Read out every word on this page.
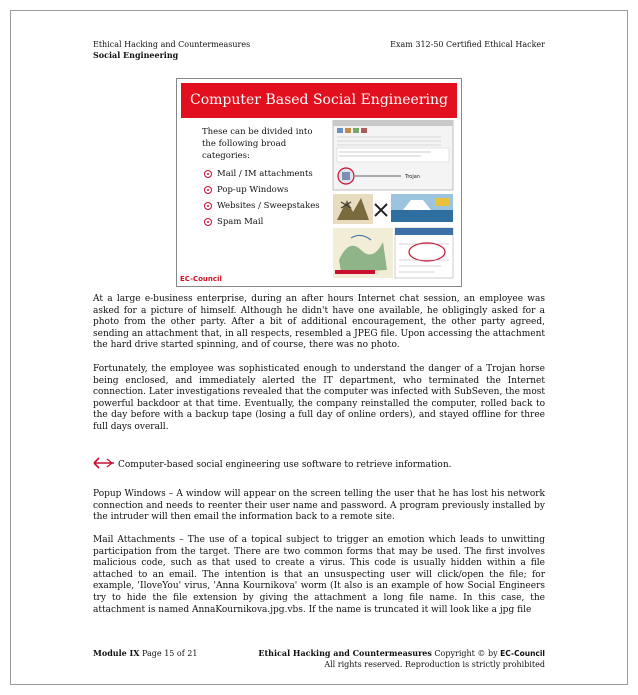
Ethical Hacking and Countermeasures
Social Engineering
Exam 312-50 Certified Ethical Hacker
Computer Based Social Engineering
These can be divided into the following broad categories:
Mail / IM attachments
Pop-up Windows
Websites / Sweepstakes
Spam Mail
Trojan
EC-Council

At a large e-business enterprise, during an after hours Internet chat session, an employee was asked for a picture of himself. Although he didn't have one available, he obligingly asked for a photo from the other party. After a bit of additional encouragement, the other party agreed, sending an attachment that, in all respects, resembled a JPEG file. Upon accessing the attachment the hard drive started spinning, and of course, there was no photo.

Fortunately, the employee was sophisticated enough to understand the danger of a Trojan horse being enclosed, and immediately alerted the IT department, who terminated the Internet connection. Later investigations revealed that the computer was infected with SubSeven, the most powerful backdoor at that time. Eventually, the company reinstalled the computer, rolled back to the day before with a backup tape (losing a full day of online orders), and stayed offline for three full days overall.

Computer-based social engineering use software to retrieve information.

Popup Windows – A window will appear on the screen telling the user that he has lost his network connection and needs to reenter their user name and password. A program previously installed by the intruder will then email the information back to a remote site.

Mail Attachments – The use of a topical subject to trigger an emotion which leads to unwitting participation from the target. There are two common forms that may be used. The first involves malicious code, such as that used to create a virus. This code is usually hidden within a file attached to an email. The intention is that an unsuspecting user will click/open the file; for example, 'IloveYou' virus, 'Anna Kournikova' worm (It also is an example of how Social Engineers try to hide the file extension by giving the attachment a long file name. In this case, the attachment is named AnnaKournikova.jpg.vbs. If the name is truncated it will look like a jpg file

Module IX Page 15 of 21	Ethical Hacking and Countermeasures Copyright © by EC-Council
All rights reserved. Reproduction is strictly prohibited
